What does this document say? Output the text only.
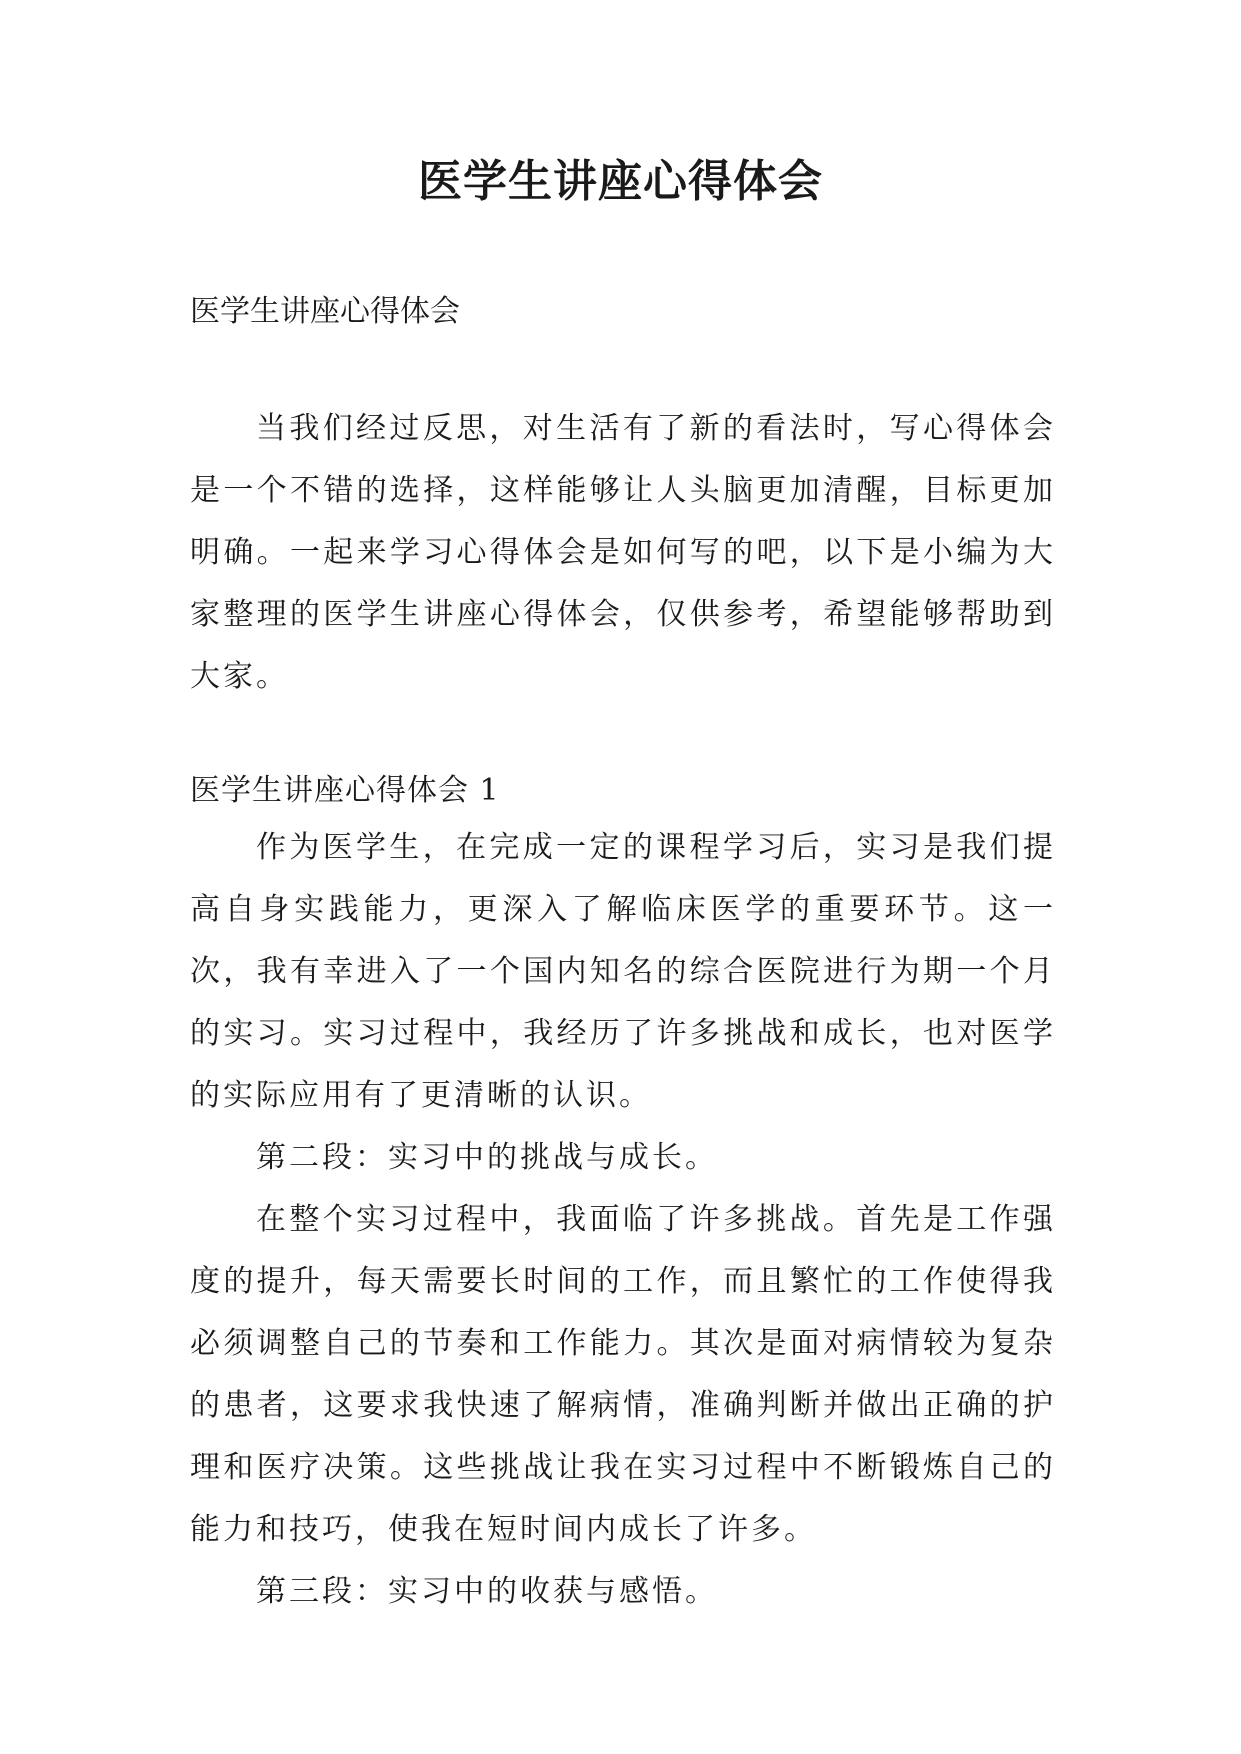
医学生讲座心得体会

医学生讲座心得体会

当我们经过反思，对生活有了新的看法时，写心得体会是一个不错的选择，这样能够让人头脑更加清醒，目标更加明确。一起来学习心得体会是如何写的吧，以下是小编为大家整理的医学生讲座心得体会，仅供参考，希望能够帮助到大家。

医学生讲座心得体会 1

作为医学生，在完成一定的课程学习后，实习是我们提高自身实践能力，更深入了解临床医学的重要环节。这一次，我有幸进入了一个国内知名的综合医院进行为期一个月的实习。实习过程中，我经历了许多挑战和成长，也对医学的实际应用有了更清晰的认识。

第二段：实习中的挑战与成长。

在整个实习过程中，我面临了许多挑战。首先是工作强度的提升，每天需要长时间的工作，而且繁忙的工作使得我必须调整自己的节奏和工作能力。其次是面对病情较为复杂的患者，这要求我快速了解病情，准确判断并做出正确的护理和医疗决策。这些挑战让我在实习过程中不断锻炼自己的能力和技巧，使我在短时间内成长了许多。

第三段：实习中的收获与感悟。
